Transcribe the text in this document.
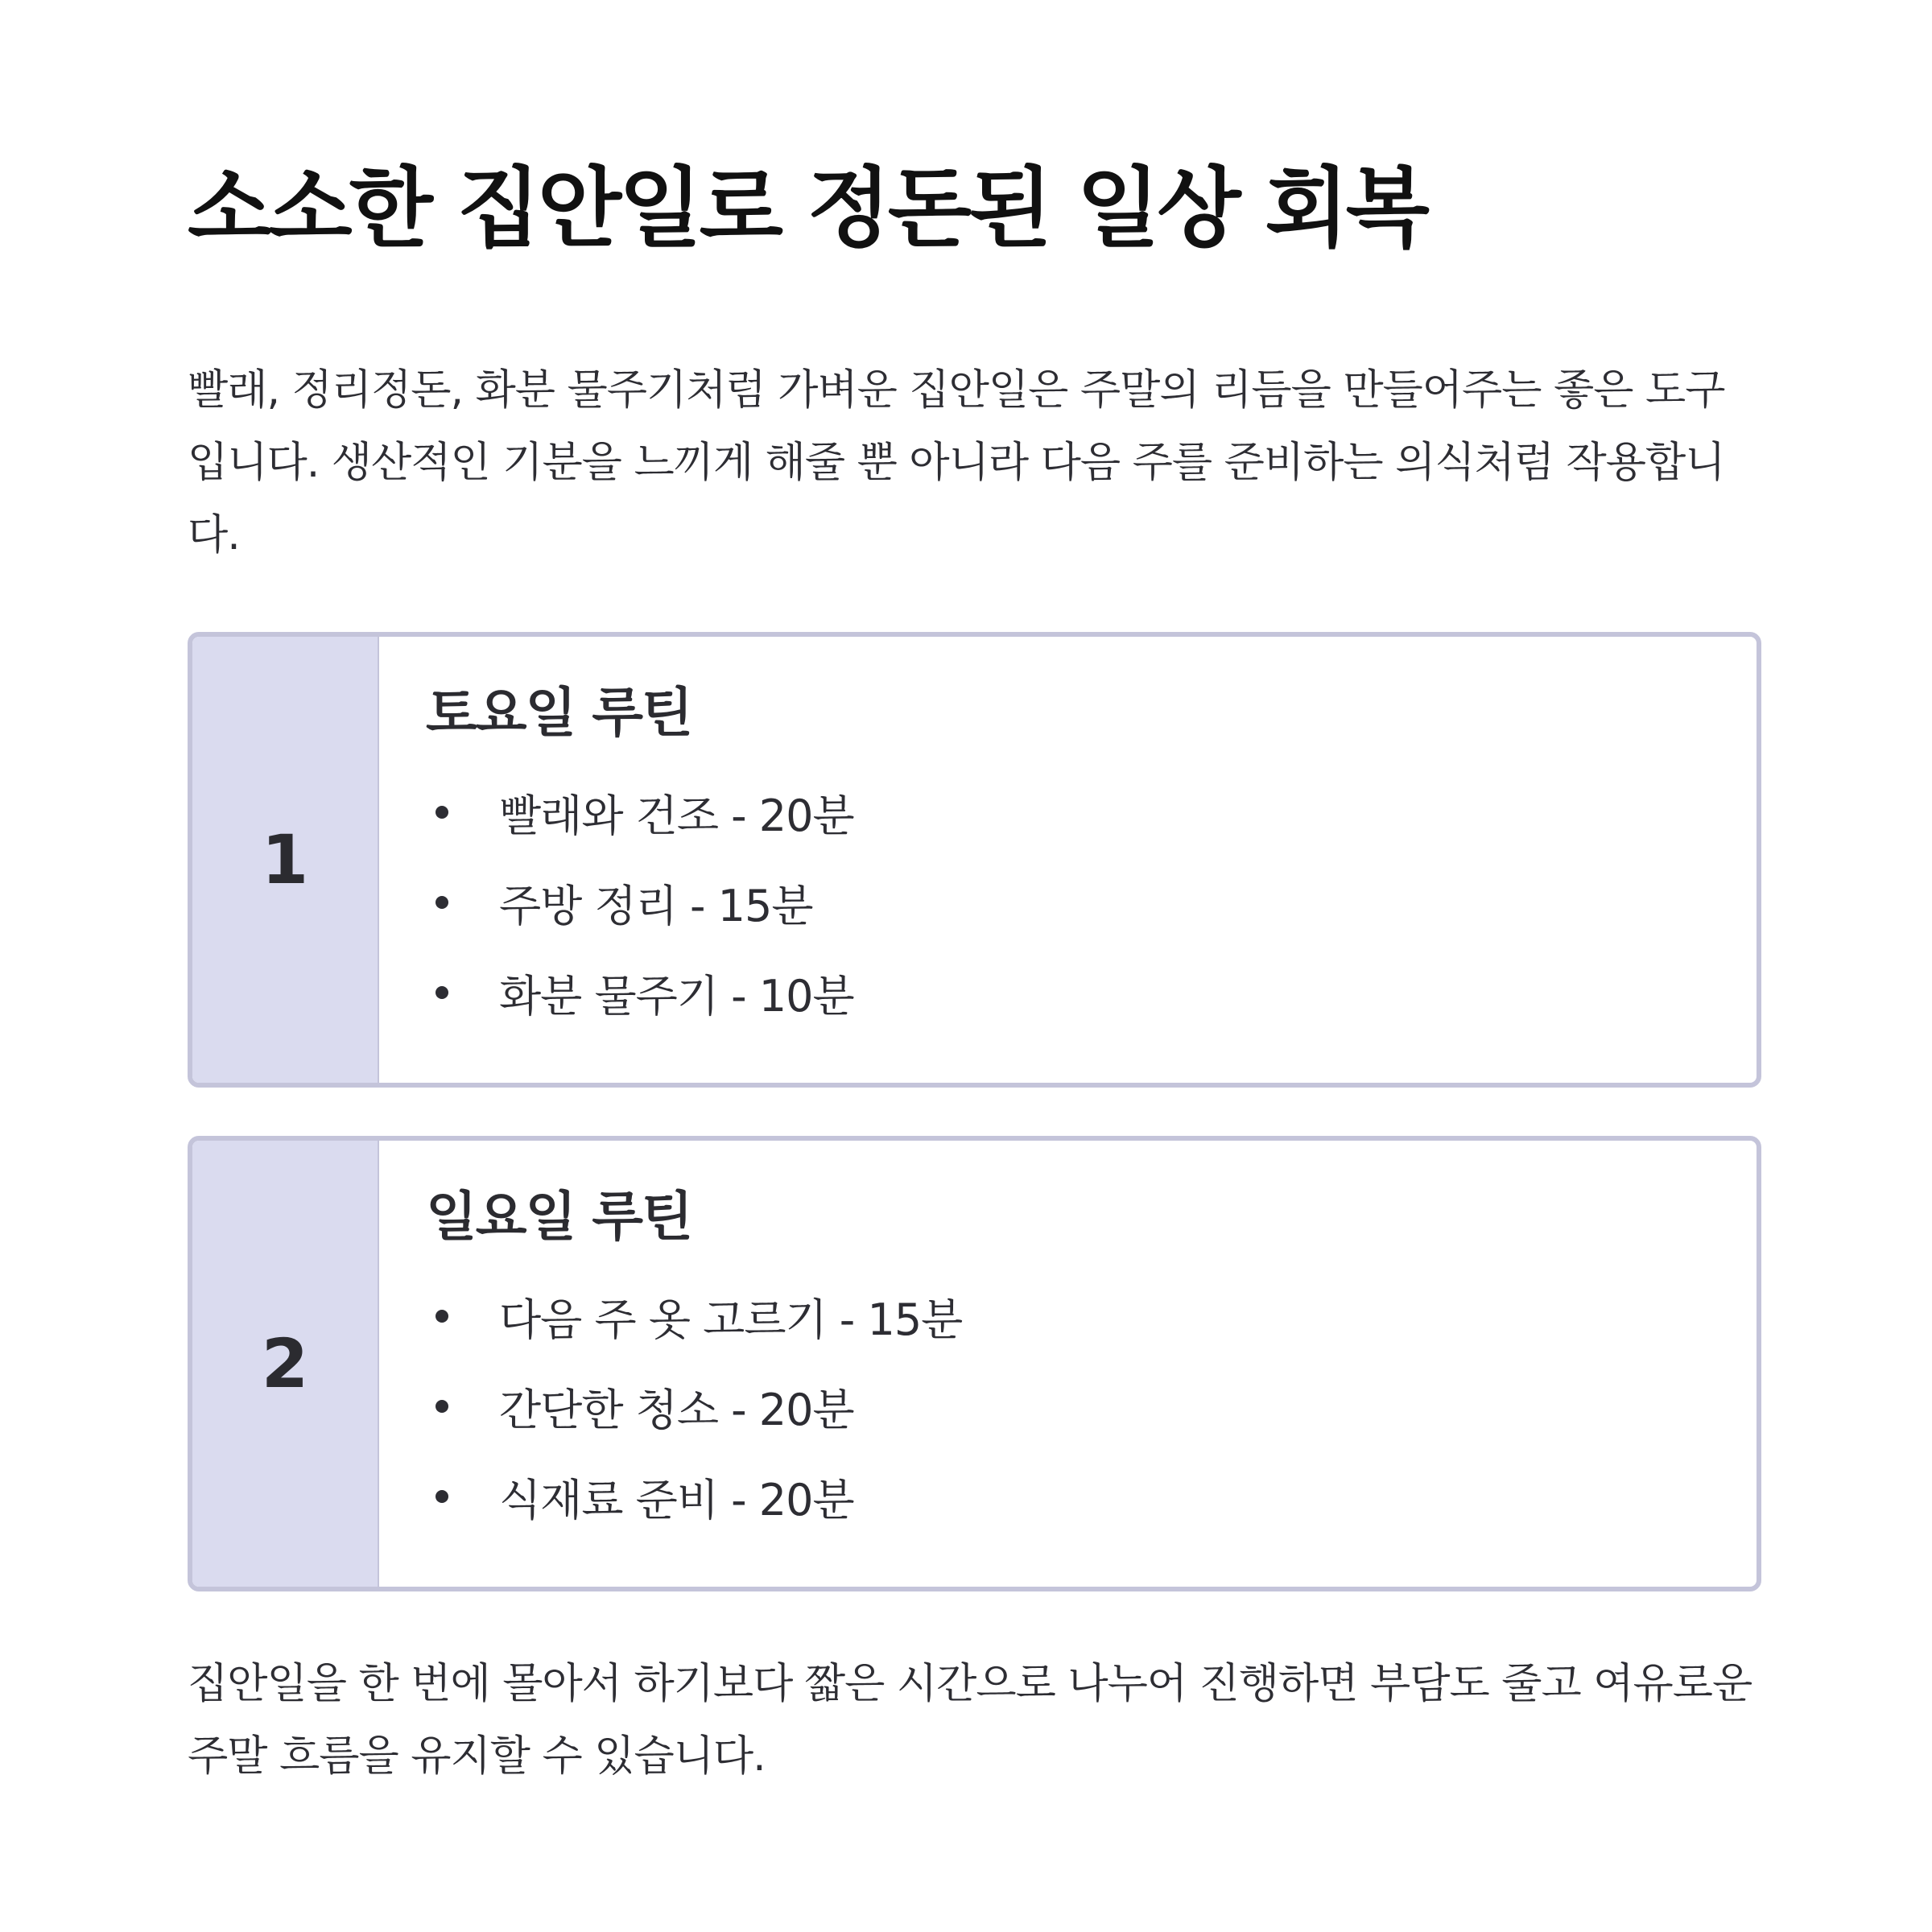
소소한 집안일로 정돈된 일상 회복

빨래, 정리정돈, 화분 물주기처럼 가벼운 집안일은 주말의 리듬을 만들어주는 좋은 도구입니다. 생산적인 기분을 느끼게 해줄 뿐 아니라 다음 주를 준비하는 의식처럼 작용합니다.

1
토요일 루틴
빨래와 건조 - 20분
주방 정리 - 15분
화분 물주기 - 10분
2
일요일 루틴
다음 주 옷 고르기 - 15분
간단한 청소 - 20분
식재료 준비 - 20분

집안일을 한 번에 몰아서 하기보다 짧은 시간으로 나누어 진행하면 부담도 줄고 여유로운 주말 흐름을 유지할 수 있습니다.
